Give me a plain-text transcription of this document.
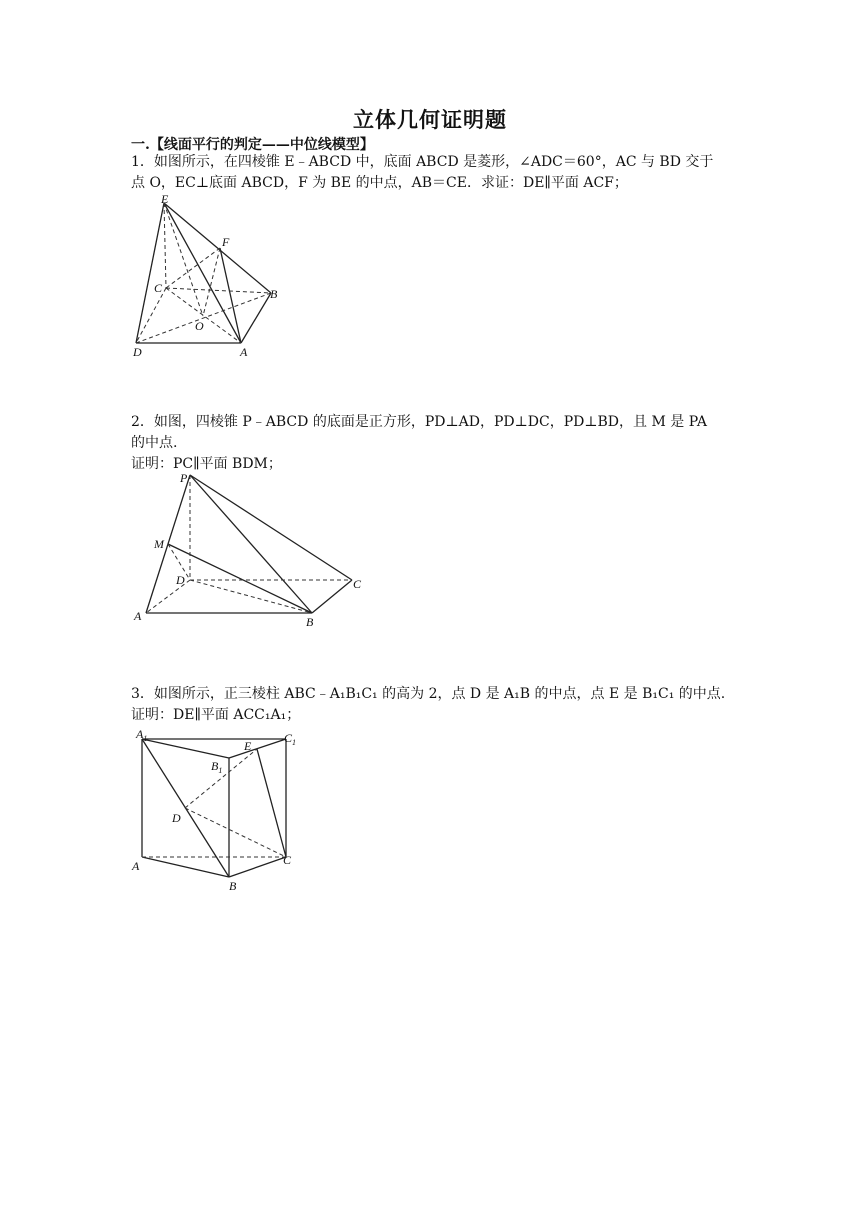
立体几何证明题
一.【线面平行的判定——中位线模型】
1．如图所示，在四棱锥 E﹣ABCD 中，底面 ABCD 是菱形，∠ADC＝60°，AC 与 BD 交于
点 O，EC⊥底面 ABCD，F 为 BE 的中点，AB＝CE．求证：DE∥平面 ACF；
E
F
C	B
O
D	A
2．如图，四棱锥 P﹣ABCD 的底面是正方形，PD⊥AD，PD⊥DC，PD⊥BD，且 M 是 PA
的中点.
证明：PC∥平面 BDM；
P
M
D	C
A	B
3．如图所示，正三棱柱 ABC﹣A₁B₁C₁ 的高为 2，点 D 是 A₁B 的中点，点 E 是 B₁C₁ 的中点.
证明：DE∥平面 ACC₁A₁；
$A_1$
E
$C_1$
$B_1$
D
A	C
B
